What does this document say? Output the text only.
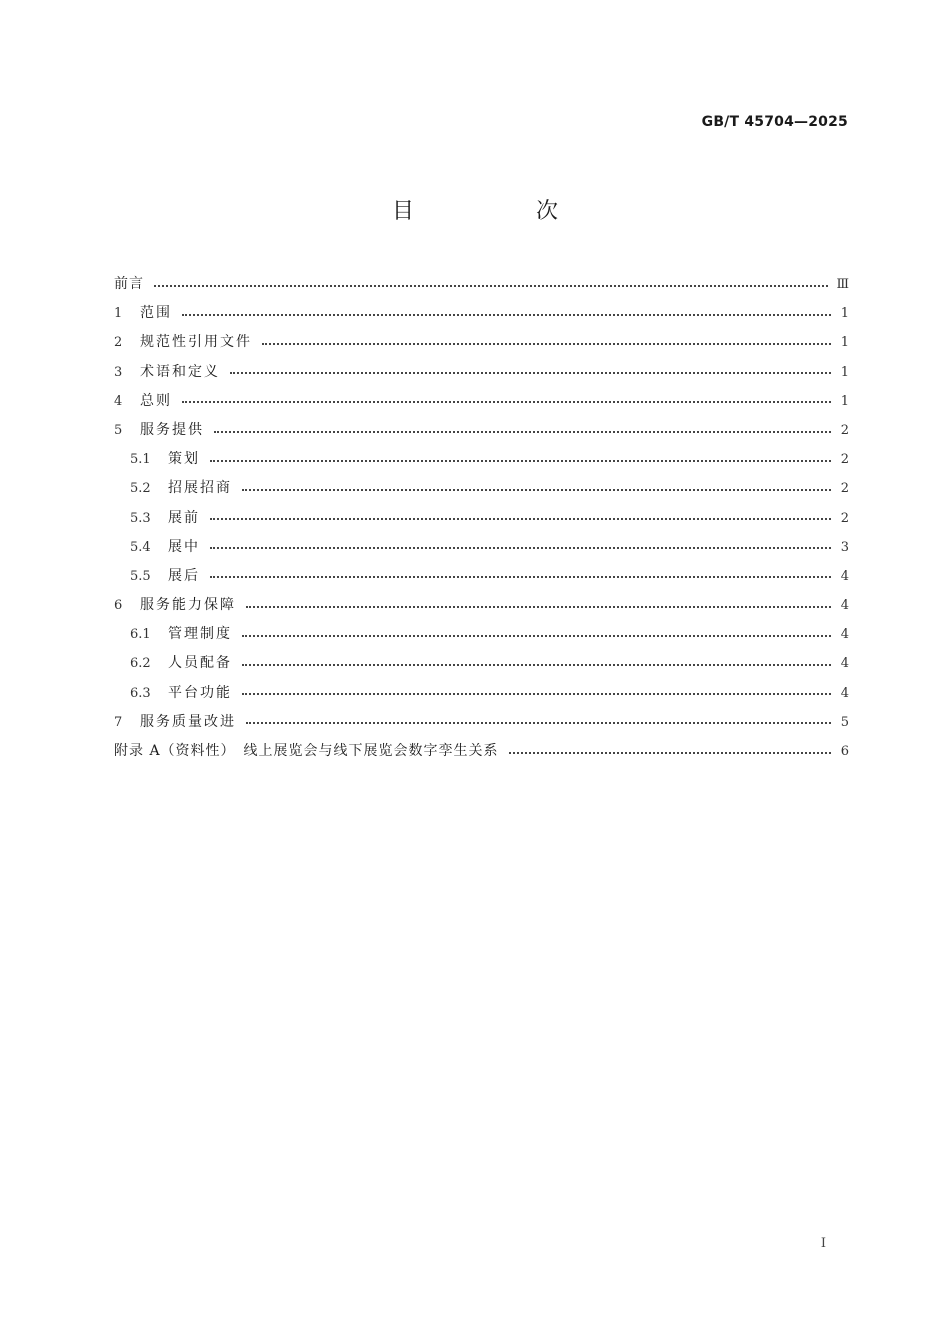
GB/T 45704—2025
目　次
前言	Ⅲ
1	范围	1
2	规范性引用文件	1
3	术语和定义	1
4	总则	1
5	服务提供	2
5.1	策划	2
5.2	招展招商	2
5.3	展前	2
5.4	展中	3
5.5	展后	4
6	服务能力保障	4
6.1	管理制度	4
6.2	人员配备	4
6.3	平台功能	4
7	服务质量改进	5
附录 A（资料性）　线上展览会与线下展览会数字孪生关系	6
I
